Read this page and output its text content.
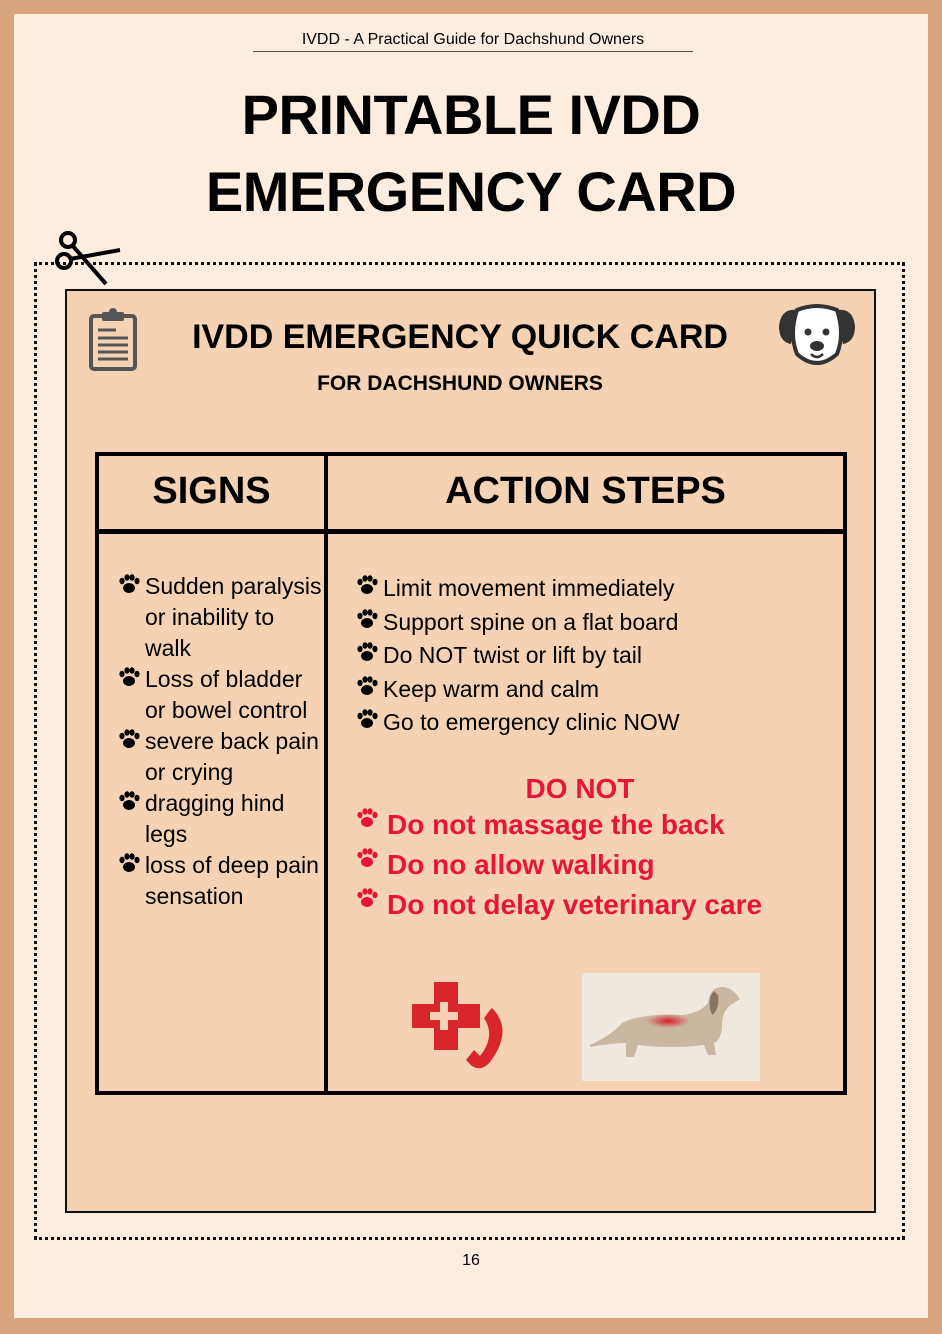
IVDD - A Practical Guide for Dachshund Owners
PRINTABLE IVDD
EMERGENCY CARD
IVDD EMERGENCY QUICK CARD
FOR DACHSHUND OWNERS
SIGNS	ACTION STEPS
Sudden paralysis or inability to walk
Loss of bladder or bowel control
severe back pain or crying
dragging hind legs
loss of deep pain sensation
Limit movement immediately
Support spine on a flat board
Do NOT twist or lift by tail
Keep warm and calm
Go to emergency clinic NOW
DO NOT
Do not massage the back
Do no allow walking
Do not delay veterinary care
16
